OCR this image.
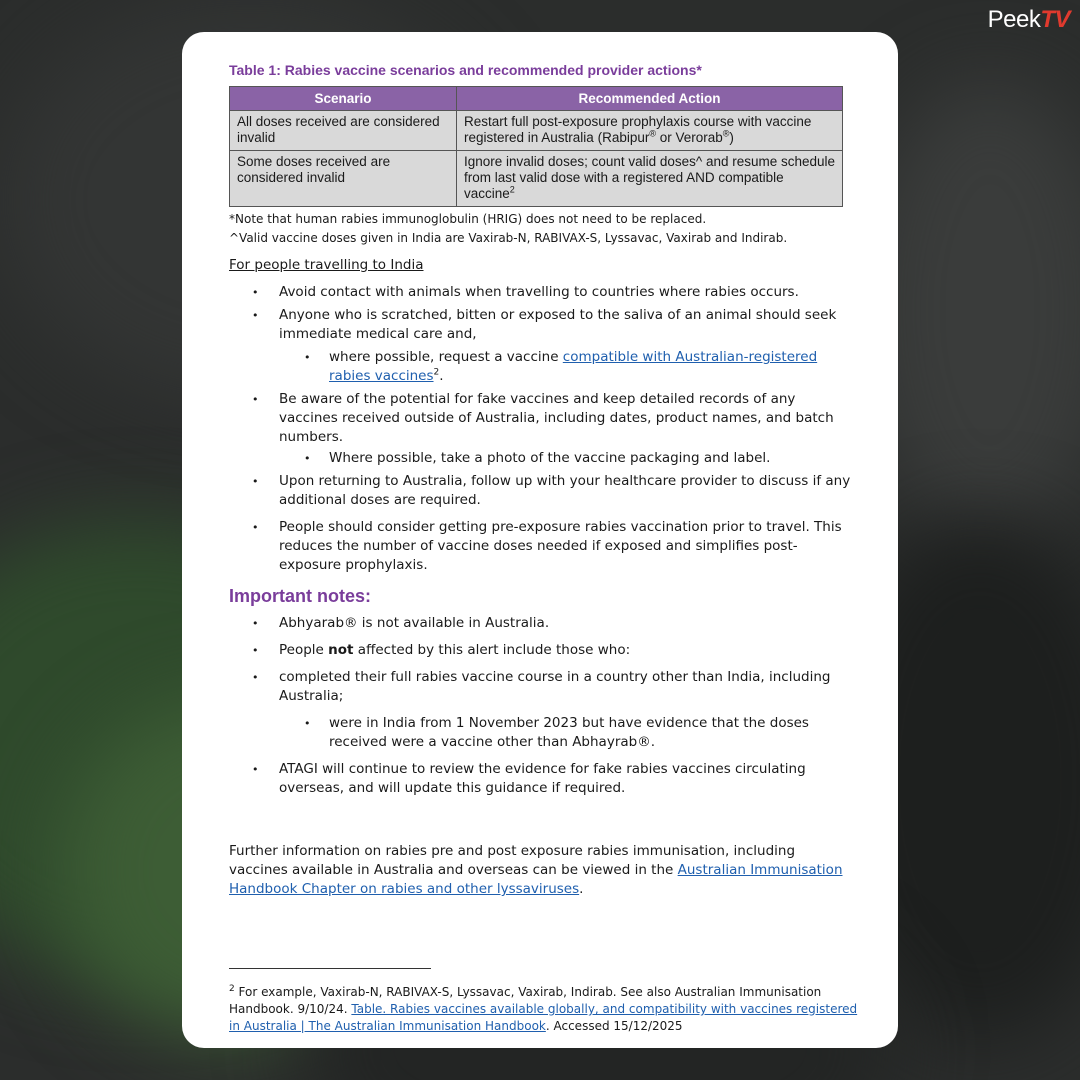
PeekTV
Table 1: Rabies vaccine scenarios and recommended provider actions*
Scenario	Recommended Action
All doses received are considered invalid	Restart full post-exposure prophylaxis course with vaccine registered in Australia (Rabipur® or Verorab®)
Some doses received are considered invalid	Ignore invalid doses; count valid doses^ and resume schedule from last valid dose with a registered AND compatible vaccine$^2$
*Note that human rabies immunoglobulin (HRIG) does not need to be replaced.
^Valid vaccine doses given in India are Vaxirab-N, RABIVAX-S, Lyssavac, Vaxirab and Indirab.
For people travelling to India
• Avoid contact with animals when travelling to countries where rabies occurs.
• Anyone who is scratched, bitten or exposed to the saliva of an animal should seek immediate medical care and,
• where possible, request a vaccine compatible with Australian-registered rabies vaccines$^2$.
• Be aware of the potential for fake vaccines and keep detailed records of any vaccines received outside of Australia, including dates, product names, and batch numbers.
• Where possible, take a photo of the vaccine packaging and label.
• Upon returning to Australia, follow up with your healthcare provider to discuss if any additional doses are required.
• People should consider getting pre-exposure rabies vaccination prior to travel. This reduces the number of vaccine doses needed if exposed and simplifies post-exposure prophylaxis.
Important notes:
• Abhyarab® is not available in Australia.
• People not affected by this alert include those who:
• completed their full rabies vaccine course in a country other than India, including Australia;
• were in India from 1 November 2023 but have evidence that the doses received were a vaccine other than Abhayrab®.
• ATAGI will continue to review the evidence for fake rabies vaccines circulating overseas, and will update this guidance if required.
Further information on rabies pre and post exposure rabies immunisation, including vaccines available in Australia and overseas can be viewed in the Australian Immunisation Handbook Chapter on rabies and other lyssaviruses.
$^2$ For example, Vaxirab-N, RABIVAX-S, Lyssavac, Vaxirab, Indirab. See also Australian Immunisation Handbook. 9/10/24. Table. Rabies vaccines available globally, and compatibility with vaccines registered in Australia | The Australian Immunisation Handbook. Accessed 15/12/2025
